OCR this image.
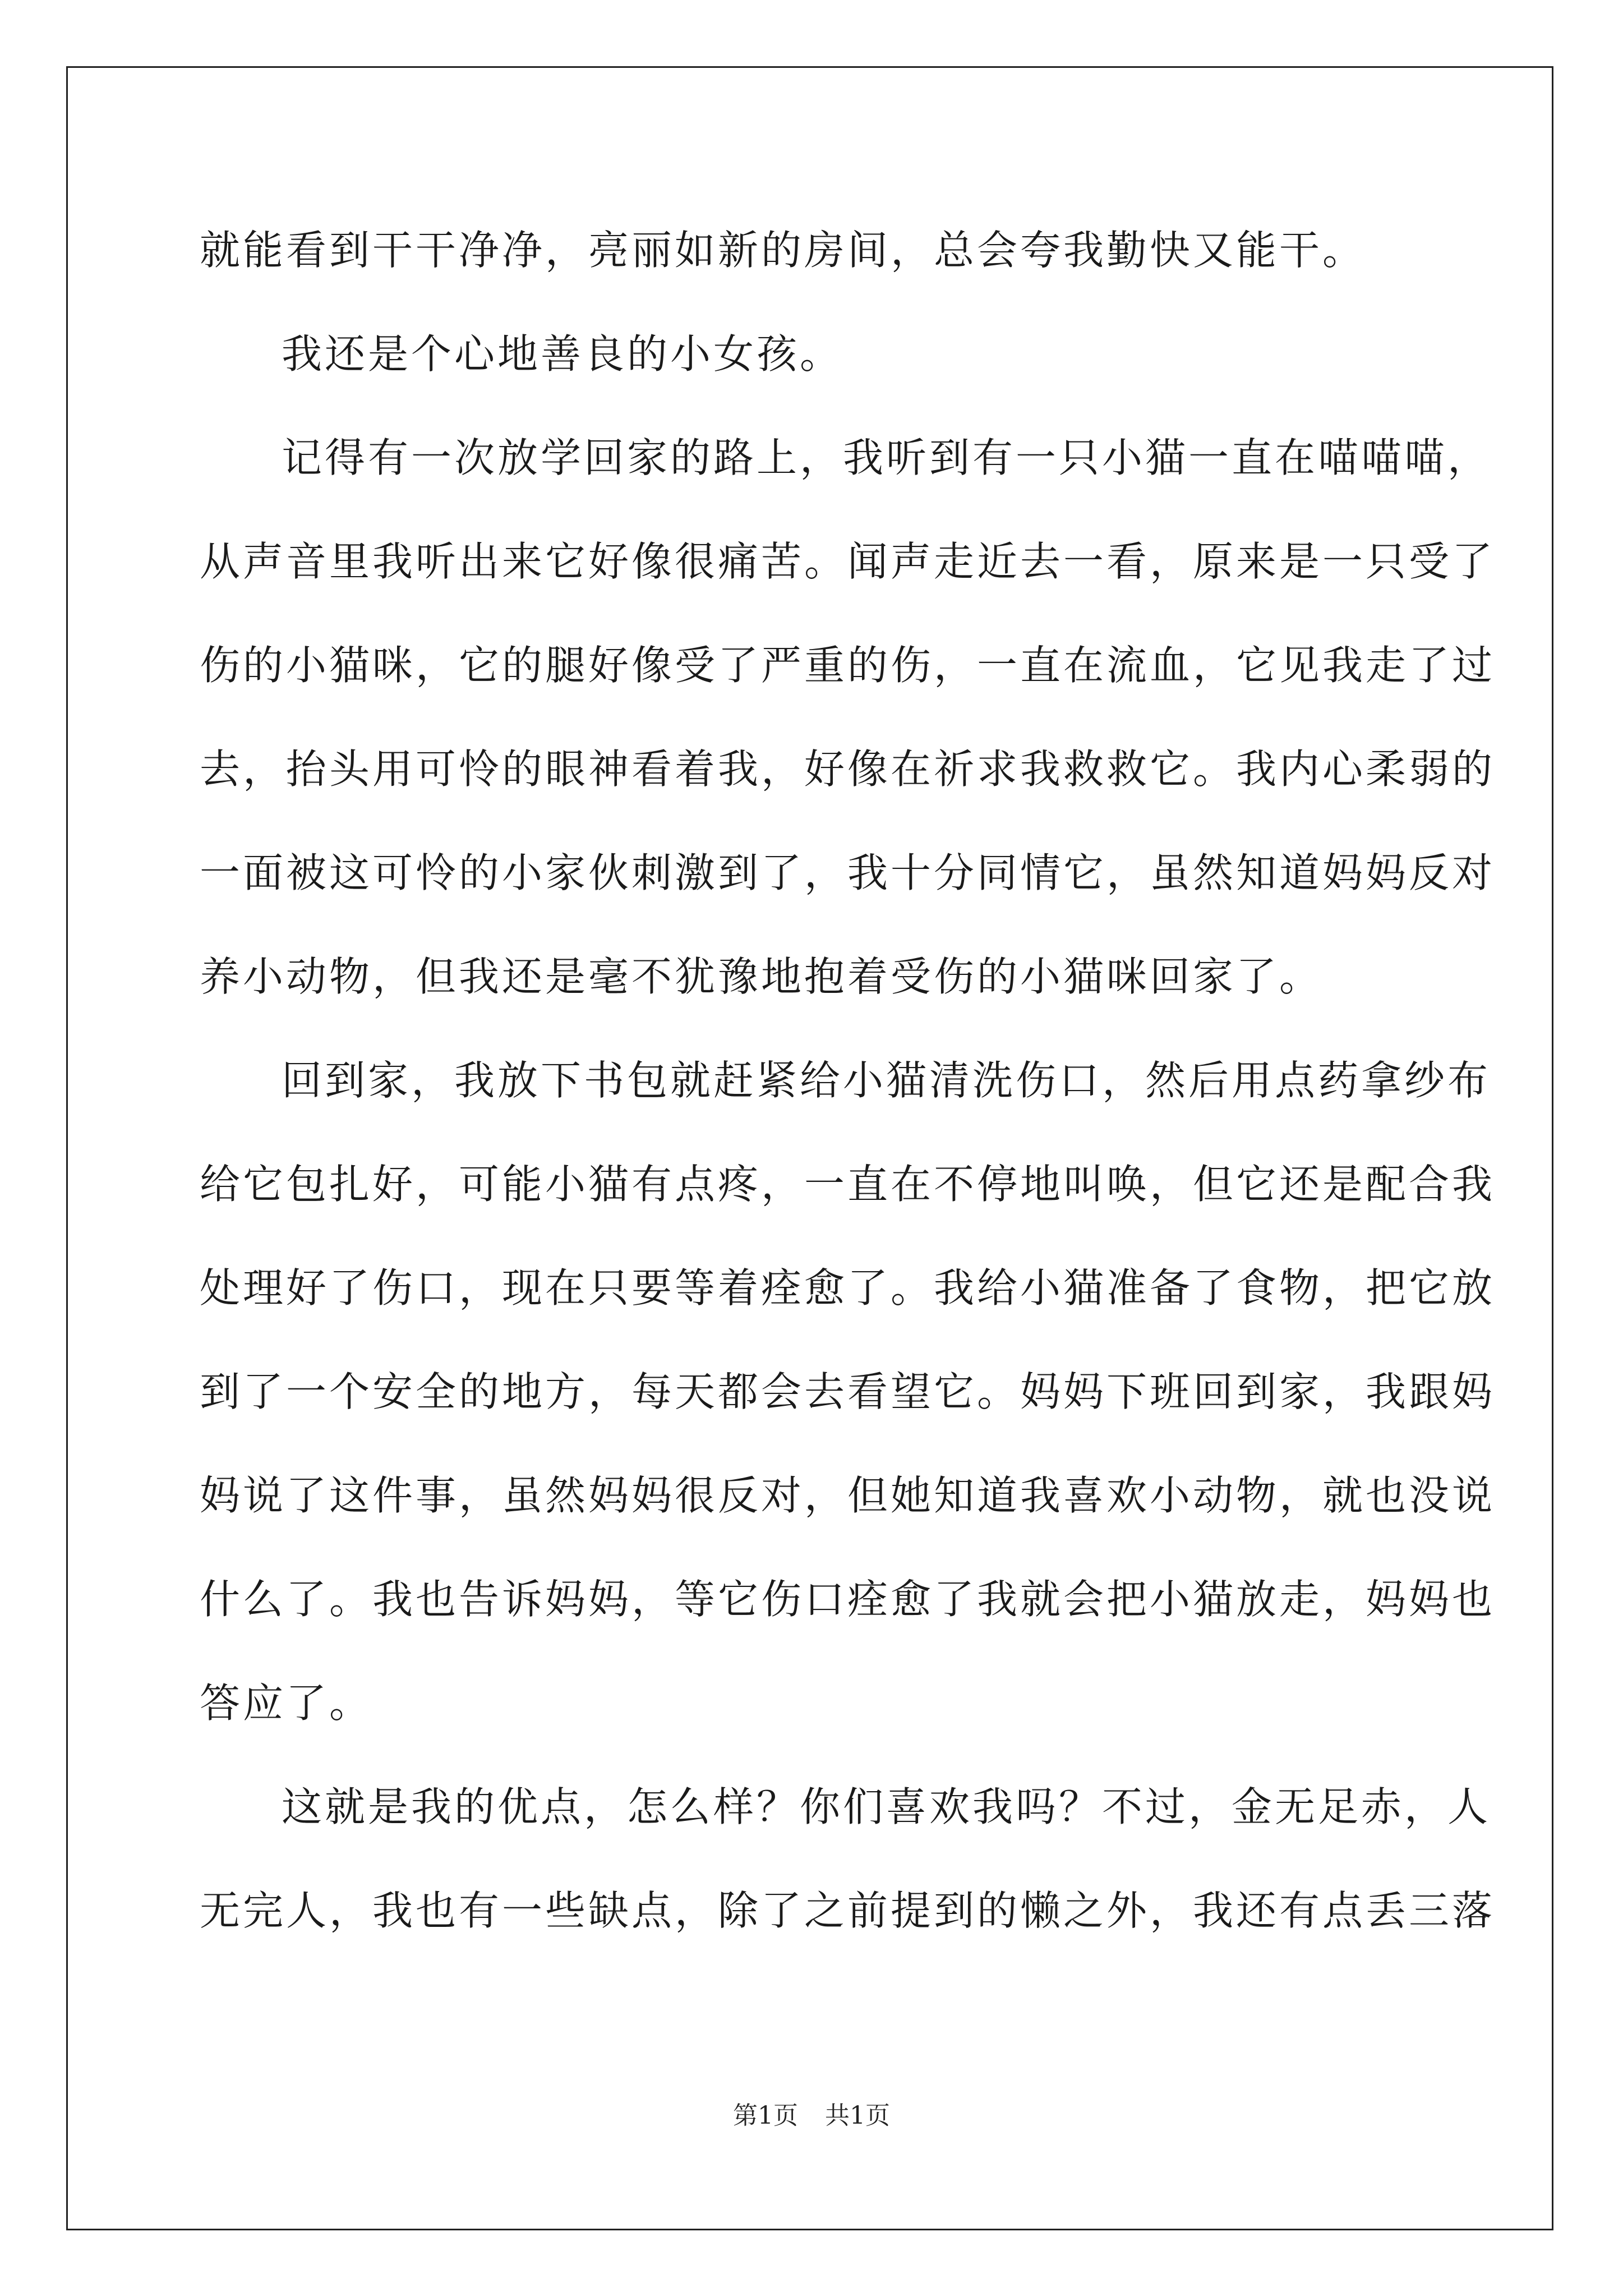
就能看到干干净净，亮丽如新的房间，总会夸我勤快又能干。
我还是个心地善良的小女孩。
记得有一次放学回家的路上，我听到有一只小猫一直在喵喵喵，
从声音里我听出来它好像很痛苦。闻声走近去一看，原来是一只受了
伤的小猫咪，它的腿好像受了严重的伤，一直在流血，它见我走了过
去，抬头用可怜的眼神看着我，好像在祈求我救救它。我内心柔弱的
一面被这可怜的小家伙刺激到了，我十分同情它，虽然知道妈妈反对
养小动物，但我还是毫不犹豫地抱着受伤的小猫咪回家了。
回到家，我放下书包就赶紧给小猫清洗伤口，然后用点药拿纱布
给它包扎好，可能小猫有点疼，一直在不停地叫唤，但它还是配合我
处理好了伤口，现在只要等着痊愈了。我给小猫准备了食物，把它放
到了一个安全的地方，每天都会去看望它。妈妈下班回到家，我跟妈
妈说了这件事，虽然妈妈很反对，但她知道我喜欢小动物，就也没说
什么了。我也告诉妈妈，等它伤口痊愈了我就会把小猫放走，妈妈也
答应了。
这就是我的优点，怎么样？你们喜欢我吗？不过，金无足赤，人
无完人，我也有一些缺点，除了之前提到的懒之外，我还有点丢三落
第1页 共1页
